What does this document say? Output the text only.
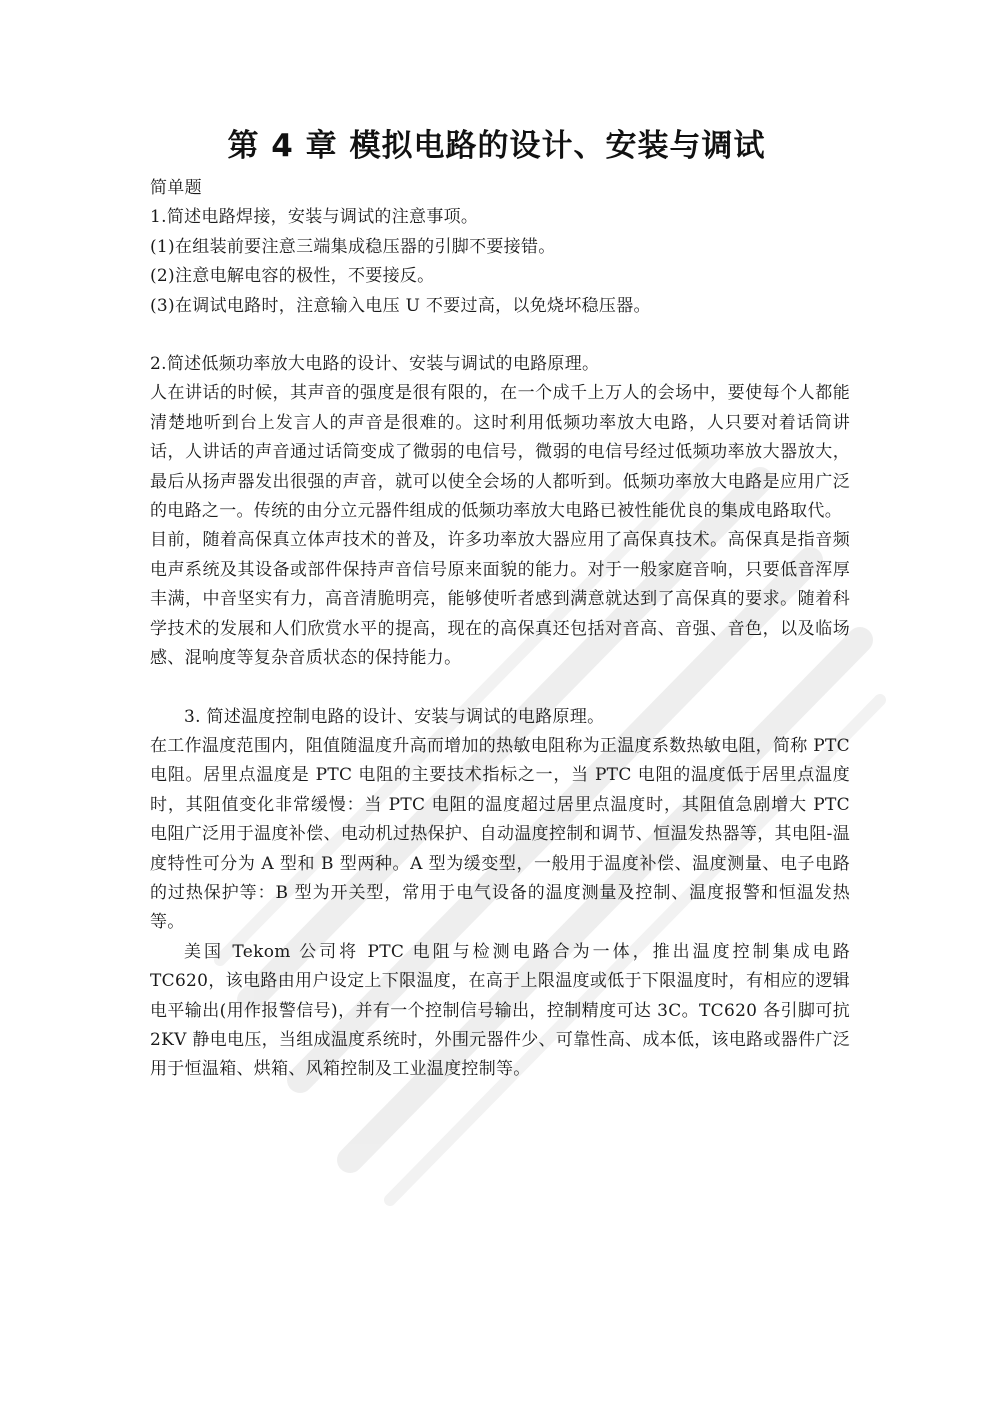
第 4 章 模拟电路的设计、安装与调试

简单题

1.简述电路焊接，安装与调试的注意事项。

(1)在组装前要注意三端集成稳压器的引脚不要接错。

(2)注意电解电容的极性，不要接反。

(3)在调试电路时，注意输入电压 U 不要过高，以免烧坏稳压器。

2.简述低频功率放大电路的设计、安装与调试的电路原理。

人在讲话的时候，其声音的强度是很有限的，在一个成千上万人的会场中，要使每个人都能清楚地听到台上发言人的声音是很难的。这时利用低频功率放大电路，人只要对着话筒讲话，人讲话的声音通过话筒变成了微弱的电信号，微弱的电信号经过低频功率放大器放大，最后从扬声器发出很强的声音，就可以使全会场的人都听到。低频功率放大电路是应用广泛的电路之一。传统的由分立元器件组成的低频功率放大电路已被性能优良的集成电路取代。

目前，随着高保真立体声技术的普及，许多功率放大器应用了高保真技术。高保真是指音频电声系统及其设备或部件保持声音信号原来面貌的能力。对于一般家庭音响，只要低音浑厚丰满，中音坚实有力，高音清脆明亮，能够使听者感到满意就达到了高保真的要求。随着科学技术的发展和人们欣赏水平的提高，现在的高保真还包括对音高、音强、音色，以及临场感、混响度等复杂音质状态的保持能力。

3. 简述温度控制电路的设计、安装与调试的电路原理。

在工作温度范围内，阻值随温度升高而增加的热敏电阻称为正温度系数热敏电阻，简称 PTC 电阻。居里点温度是 PTC 电阻的主要技术指标之一，当 PTC 电阻的温度低于居里点温度时，其阻值变化非常缓慢：当 PTC 电阻的温度超过居里点温度时，其阻值急剧增大 PTC 电阻广泛用于温度补偿、电动机过热保护、自动温度控制和调节、恒温发热器等，其电阻-温度特性可分为 A 型和 B 型两种。A 型为缓变型，一般用于温度补偿、温度测量、电子电路的过热保护等：B 型为开关型，常用于电气设备的温度测量及控制、温度报警和恒温发热等。

美国 Tekom 公司将 PTC 电阻与检测电路合为一体，推出温度控制集成电路 TC620，该电路由用户设定上下限温度，在高于上限温度或低于下限温度时，有相应的逻辑电平输出(用作报警信号)，并有一个控制信号输出，控制精度可达 3C。TC620 各引脚可抗 2KV 静电电压，当组成温度系统时，外围元器件少、可靠性高、成本低，该电路或器件广泛用于恒温箱、烘箱、风箱控制及工业温度控制等。
